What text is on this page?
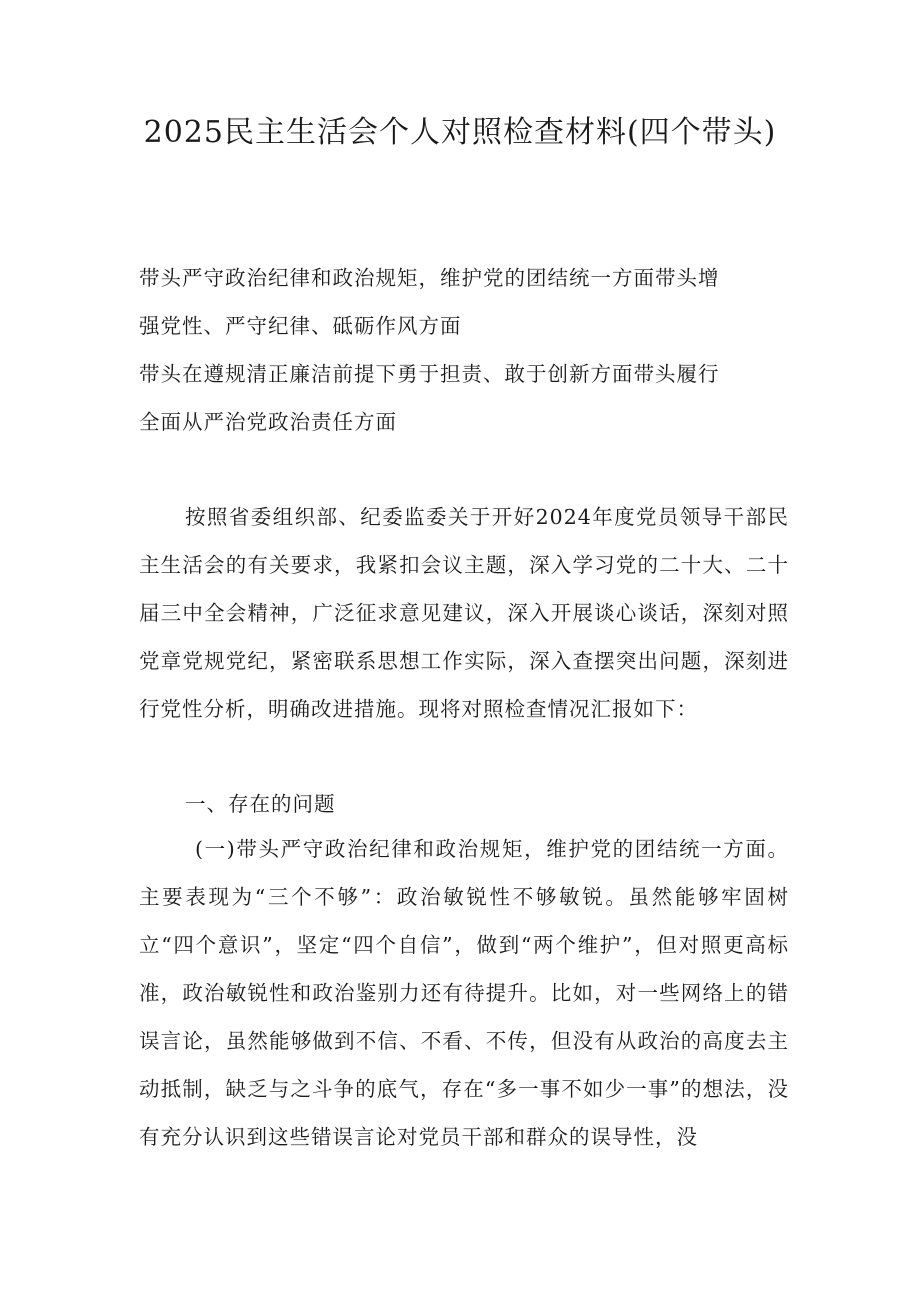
2025民主生活会个人对照检查材料(四个带头)

带头严守政治纪律和政治规矩，维护党的团结统一方面带头增
强党性、严守纪律、砥砺作风方面

带头在遵规清正廉洁前提下勇于担责、敢于创新方面带头履行
全面从严治党政治责任方面

按照省委组织部、纪委监委关于开好2024年度党员领导干部民主生活会的有关要求，我紧扣会议主题，深入学习党的二十大、二十届三中全会精神，广泛征求意见建议，深入开展谈心谈话，深刻对照党章党规党纪，紧密联系思想工作实际，深入查摆突出问题，深刻进行党性分析，明确改进措施。现将对照检查情况汇报如下：

一、存在的问题

(一)带头严守政治纪律和政治规矩，维护党的团结统一方面。主要表现为“三个不够”：政治敏锐性不够敏锐。虽然能够牢固树立“四个意识”，坚定“四个自信”，做到“两个维护”，但对照更高标准，政治敏锐性和政治鉴别力还有待提升。比如，对一些网络上的错误言论，虽然能够做到不信、不看、不传，但没有从政治的高度去主动抵制，缺乏与之斗争的底气，存在“多一事不如少一事”的想法，没有充分认识到这些错误言论对党员干部和群众的误导性，没
